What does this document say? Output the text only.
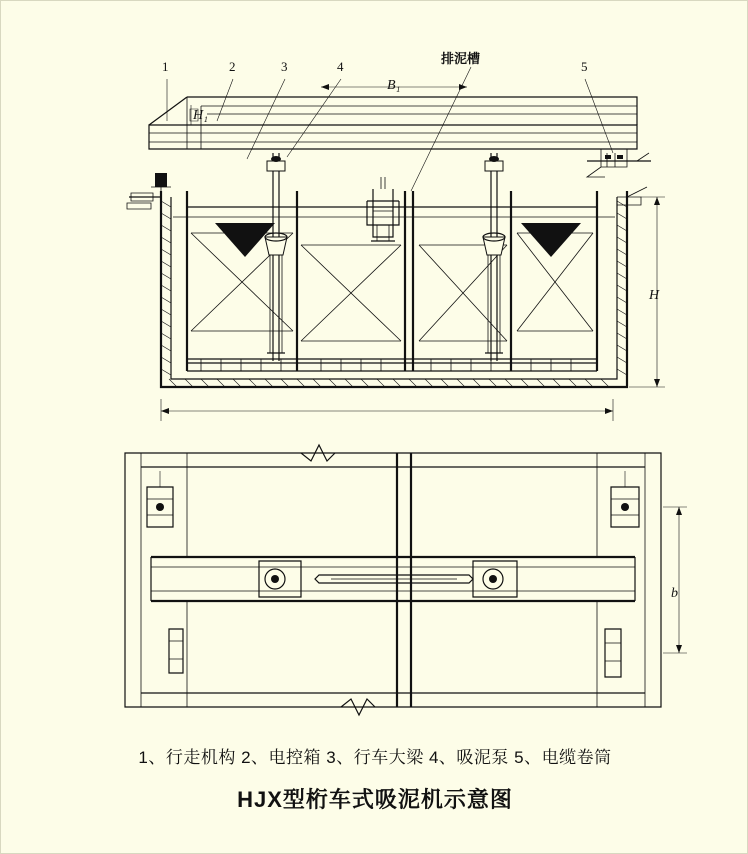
1	2	3	4	5
排泥槽
B₁
H₁
H
b
1、行走机构 2、电控箱 3、行车大梁 4、吸泥泵 5、电缆卷筒
HJX型桁车式吸泥机示意图
